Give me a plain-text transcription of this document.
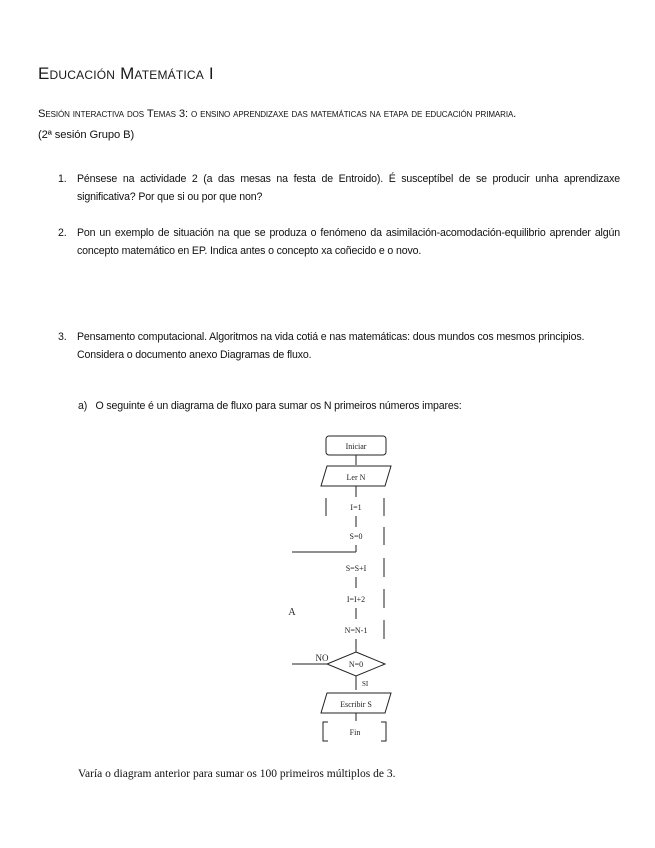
Educación Matemática I
Sesión interactiva dos Temas 3: o ensino aprendizaxe das matemáticas na etapa de educación primaria.
(2ª sesión Grupo B)
1. Pénsese na actividade 2 (a das mesas na festa de Entroido). É susceptíbel de se producir unha aprendizaxe significativa? Por que si ou por que non?
2. Pon un exemplo de situación na que se produza o fenómeno da asimilación-acomodación-equilibrio aprender algún concepto matemático en EP. Indica antes o concepto xa coñecido e o novo.
3. Pensamento computacional. Algoritmos na vida cotiá e nas matemáticas: dous mundos cos mesmos principios.
Considera o documento anexo Diagramas de fluxo.
a) O seguinte é un diagrama de fluxo para sumar os N primeiros números impares:
Iniciar
Ler N
I=1
S=0
S=S+I
I=I+2
N=N-1
N=0
NO
SI
Escribir S
Fin
A
Varía o diagram anterior para sumar os 100 primeiros múltiplos de 3.
